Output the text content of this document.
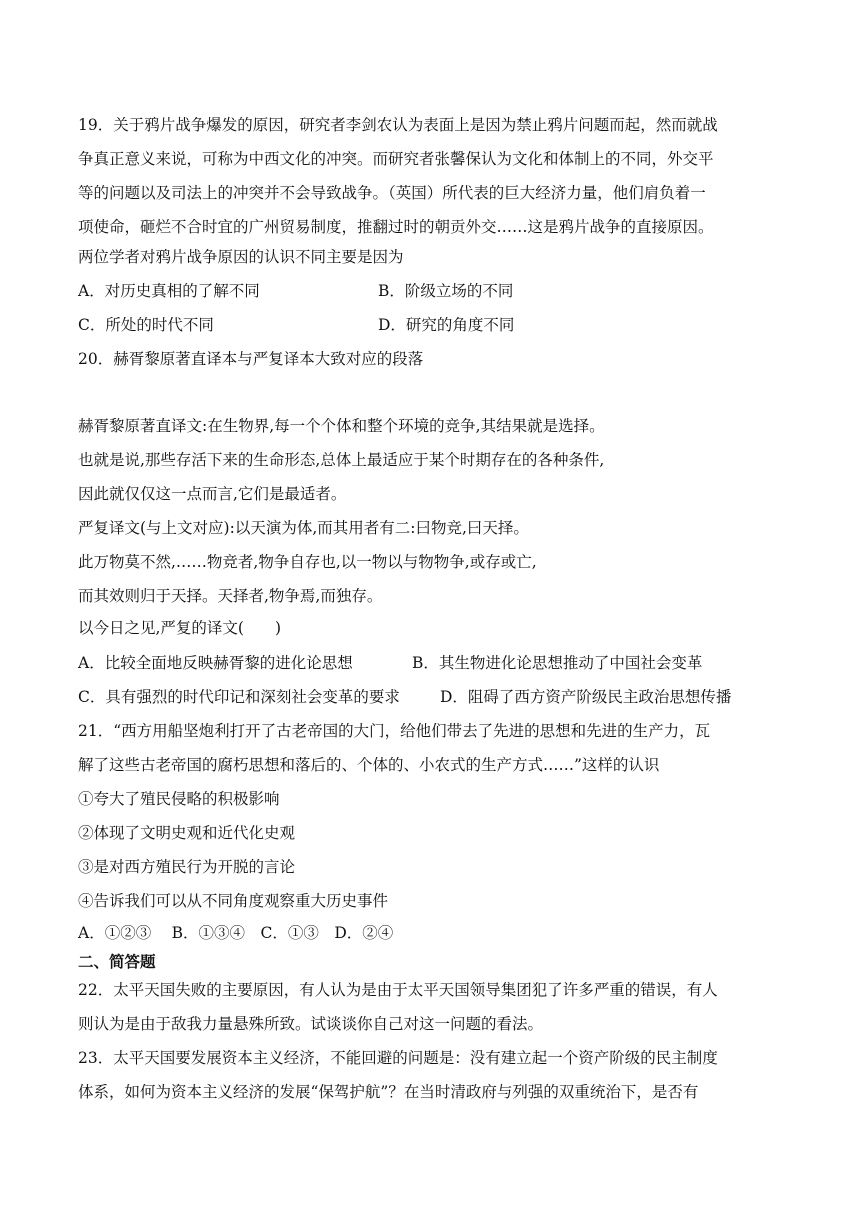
19．关于鸦片战争爆发的原因，研究者李剑农认为表面上是因为禁止鸦片问题而起，然而就战
争真正意义来说，可称为中西文化的冲突。而研究者张馨保认为文化和体制上的不同，外交平
等的问题以及司法上的冲突并不会导致战争。（英国）所代表的巨大经济力量，他们肩负着一
项使命，砸烂不合时宜的广州贸易制度，推翻过时的朝贡外交……这是鸦片战争的直接原因。
两位学者对鸦片战争原因的认识不同主要是因为
A．对历史真相的了解不同	B．阶级立场的不同
C．所处的时代不同	D．研究的角度不同
20．赫胥黎原著直译本与严复译本大致对应的段落
赫胥黎原著直译文:在生物界,每一个个体和整个环境的竞争,其结果就是选择。
也就是说,那些存活下来的生命形态,总体上最适应于某个时期存在的各种条件,
因此就仅仅这一点而言,它们是最适者。
严复译文(与上文对应):以天演为体,而其用者有二:曰物竞,曰天择。
此万物莫不然,……物竞者,物争自存也,以一物以与物物争,或存或亡,
而其效则归于天择。天择者,物争焉,而独存。
以今日之见,严复的译文(　　)
A．比较全面地反映赫胥黎的进化论思想	B．其生物进化论思想推动了中国社会变革
C．具有强烈的时代印记和深刻社会变革的要求	D．阻碍了西方资产阶级民主政治思想传播
21．“西方用船坚炮利打开了古老帝国的大门，给他们带去了先进的思想和先进的生产力，瓦
解了这些古老帝国的腐朽思想和落后的、个体的、小农式的生产方式……”这样的认识
①夸大了殖民侵略的积极影响
②体现了文明史观和近代化史观
③是对西方殖民行为开脱的言论
④告诉我们可以从不同角度观察重大历史事件
A．①②③　 B．①③④　C．①③　D．②④
二、简答题
22．太平天国失败的主要原因，有人认为是由于太平天国领导集团犯了许多严重的错误，有人
则认为是由于敌我力量悬殊所致。试谈谈你自己对这一问题的看法。
23．太平天国要发展资本主义经济，不能回避的问题是：没有建立起一个资产阶级的民主制度
体系，如何为资本主义经济的发展“保驾护航”？在当时清政府与列强的双重统治下，是否有
